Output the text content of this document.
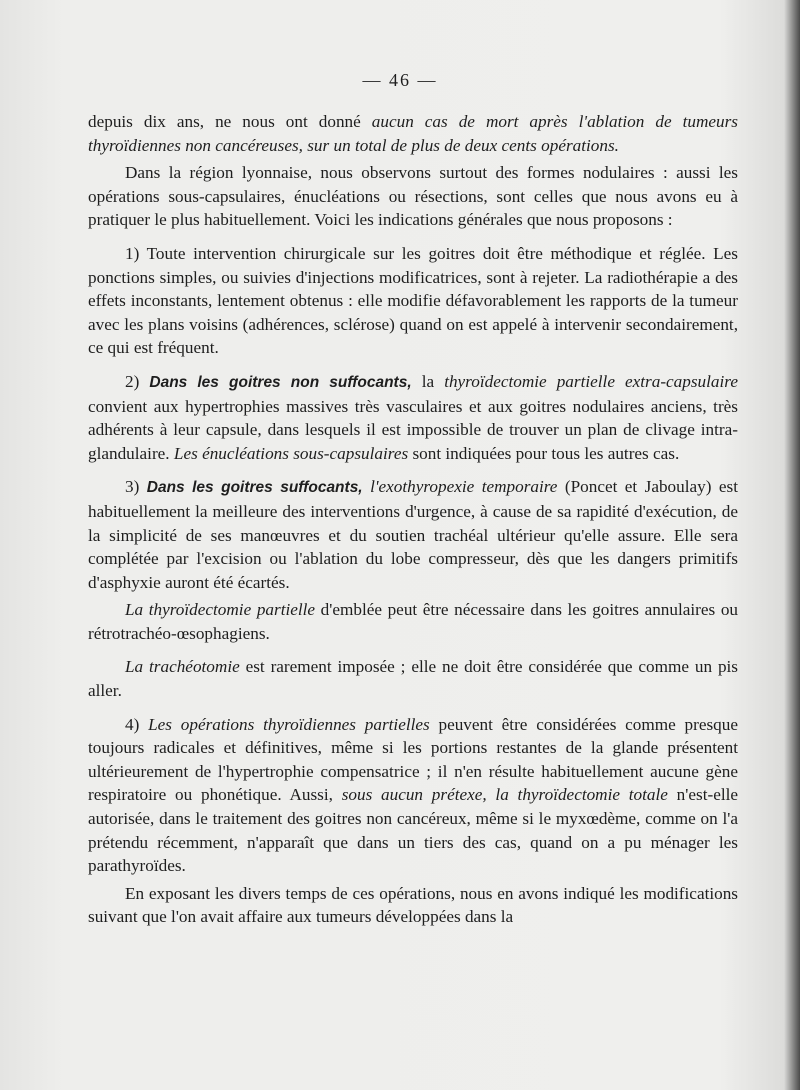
— 46 —

depuis dix ans, ne nous ont donné aucun cas de mort après l'ablation de tumeurs thyroïdiennes non cancéreuses, sur un total de plus de deux cents opérations.

Dans la région lyonnaise, nous observons surtout des formes nodulaires : aussi les opérations sous-capsulaires, énucléations ou résections, sont celles que nous avons eu à pratiquer le plus habituellement. Voici les indications générales que nous proposons :

1) Toute intervention chirurgicale sur les goitres doit être méthodique et réglée. Les ponctions simples, ou suivies d'injections modificatrices, sont à rejeter. La radiothérapie a des effets inconstants, lentement obtenus : elle modifie défavorablement les rapports de la tumeur avec les plans voisins (adhérences, sclérose) quand on est appelé à intervenir secondairement, ce qui est fréquent.

2) Dans les goitres non suffocants, la thyroïdectomie partielle extra-capsulaire convient aux hypertrophies massives très vasculaires et aux goitres nodulaires anciens, très adhérents à leur capsule, dans lesquels il est impossible de trouver un plan de clivage intra-glandulaire. Les énucléations sous-capsulaires sont indiquées pour tous les autres cas.

3) Dans les goitres suffocants, l'exothyropexie temporaire (Poncet et Jaboulay) est habituellement la meilleure des interventions d'urgence, à cause de sa rapidité d'exécution, de la simplicité de ses manœuvres et du soutien trachéal ultérieur qu'elle assure. Elle sera complétée par l'excision ou l'ablation du lobe compresseur, dès que les dangers primitifs d'asphyxie auront été écartés.

La thyroïdectomie partielle d'emblée peut être nécessaire dans les goitres annulaires ou rétrotrachéo-œsophagiens.

La trachéotomie est rarement imposée ; elle ne doit être considérée que comme un pis aller.

4) Les opérations thyroïdiennes partielles peuvent être considérées comme presque toujours radicales et définitives, même si les portions restantes de la glande présentent ultérieurement de l'hypertrophie compensatrice ; il n'en résulte habituellement aucune gène respiratoire ou phonétique. Aussi, sous aucun prétexe, la thyroïdectomie totale n'est-elle autorisée, dans le traitement des goitres non cancéreux, même si le myxœdème, comme on l'a prétendu récemment, n'apparaît que dans un tiers des cas, quand on a pu ménager les parathyroïdes.

En exposant les divers temps de ces opérations, nous en avons indiqué les modifications suivant que l'on avait affaire aux tumeurs développées dans la
